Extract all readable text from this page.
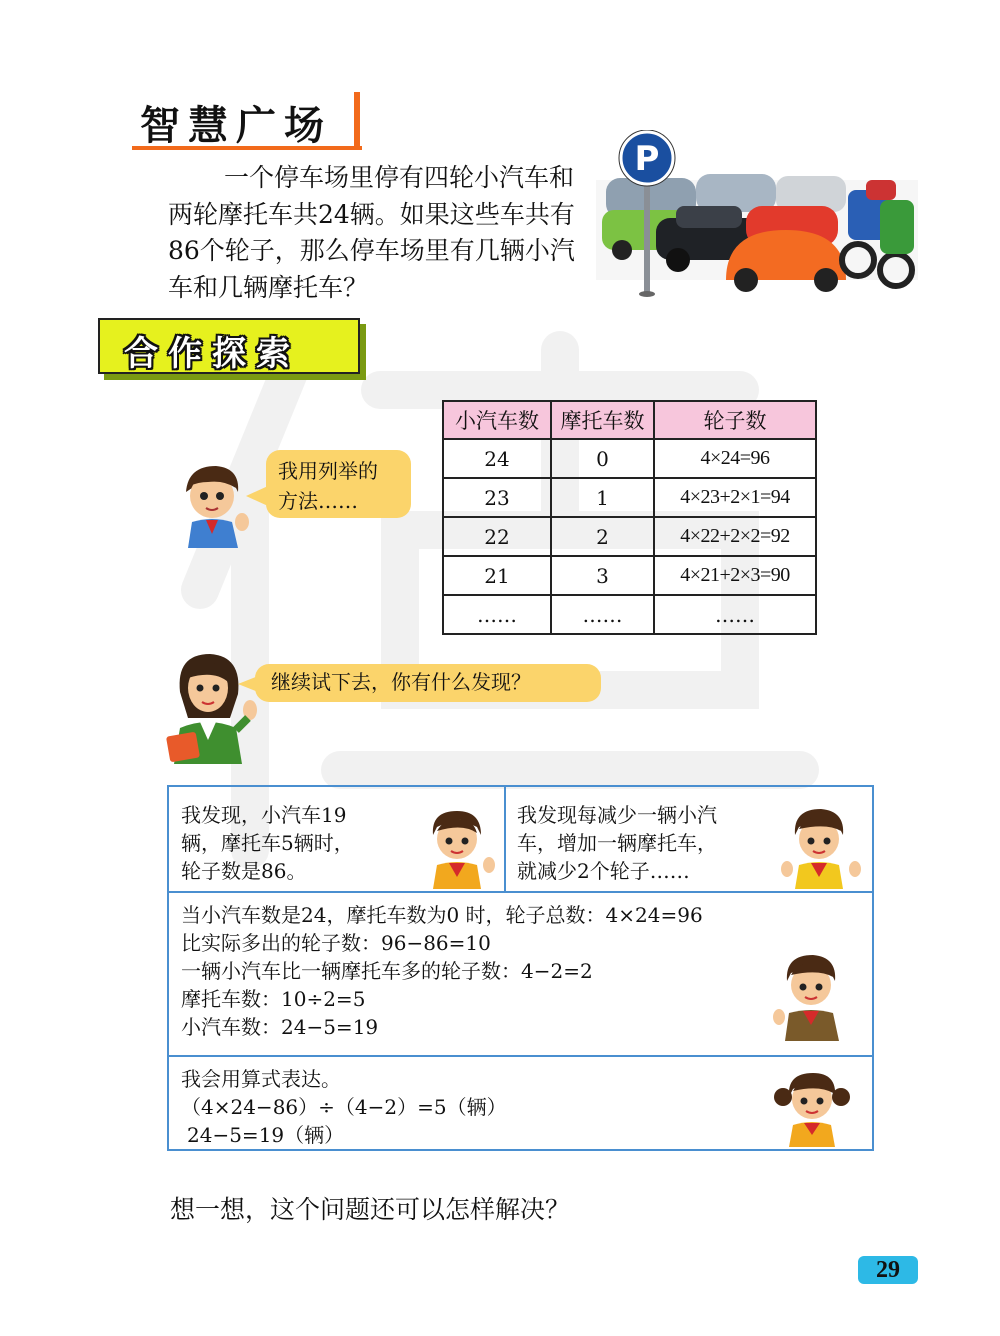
智慧广场
一个停车场里停有四轮小汽车和两轮摩托车共24辆。如果这些车共有86个轮子，那么停车场里有几辆小汽车和几辆摩托车？
P
合作探索
我用列举的
方法……
小汽车数	摩托车数	轮子数
24	0	4×24=96
23	1	4×23+2×1=94
22	2	4×22+2×2=92
21	3	4×21+2×3=90
……	……	……
继续试下去，你有什么发现？
我发现，小汽车19
辆，摩托车5辆时，
轮子数是86。
我发现每减少一辆小汽
车，增加一辆摩托车，
就减少2个轮子……
当小汽车数是24，摩托车数为0 时，轮子总数：4×24=96
比实际多出的轮子数：96−86=10
一辆小汽车比一辆摩托车多的轮子数：4−2=2
摩托车数：10÷2=5
小汽车数：24−5=19
我会用算式表达。
（4×24−86）÷（4−2）=5（辆）
24−5=19（辆）
想一想，这个问题还可以怎样解决？
29
